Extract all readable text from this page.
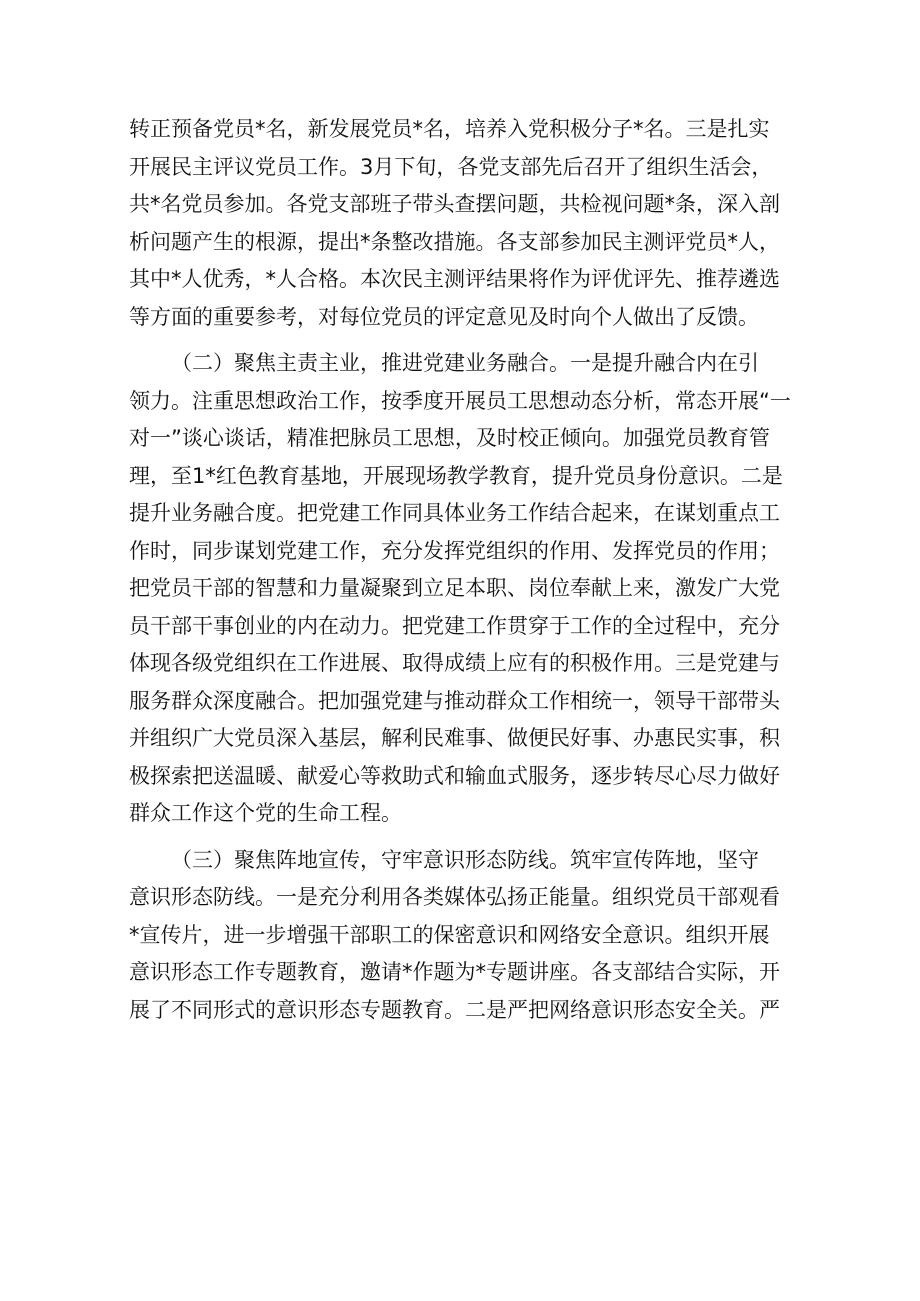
转正预备党员*名，新发展党员*名，培养入党积极分子*名。三是扎实
开展民主评议党员工作。3月下旬，各党支部先后召开了组织生活会，
共*名党员参加。各党支部班子带头查摆问题，共检视问题*条，深入剖
析问题产生的根源，提出*条整改措施。各支部参加民主测评党员*人，
其中*人优秀，*人合格。本次民主测评结果将作为评优评先、推荐遴选
等方面的重要参考，对每位党员的评定意见及时向个人做出了反馈。
（二）聚焦主责主业，推进党建业务融合。一是提升融合内在引
领力。注重思想政治工作，按季度开展员工思想动态分析，常态开展“一
对一”谈心谈话，精准把脉员工思想，及时校正倾向。加强党员教育管
理，至1*红色教育基地，开展现场教学教育，提升党员身份意识。二是
提升业务融合度。把党建工作同具体业务工作结合起来，在谋划重点工
作时，同步谋划党建工作，充分发挥党组织的作用、发挥党员的作用；
把党员干部的智慧和力量凝聚到立足本职、岗位奉献上来，激发广大党
员干部干事创业的内在动力。把党建工作贯穿于工作的全过程中，充分
体现各级党组织在工作进展、取得成绩上应有的积极作用。三是党建与
服务群众深度融合。把加强党建与推动群众工作相统一，领导干部带头
并组织广大党员深入基层，解利民难事、做便民好事、办惠民实事，积
极探索把送温暖、献爱心等救助式和输血式服务，逐步转尽心尽力做好
群众工作这个党的生命工程。
（三）聚焦阵地宣传，守牢意识形态防线。筑牢宣传阵地，坚守
意识形态防线。一是充分利用各类媒体弘扬正能量。组织党员干部观看
*宣传片，进一步增强干部职工的保密意识和网络安全意识。组织开展
意识形态工作专题教育，邀请*作题为*专题讲座。各支部结合实际，开
展了不同形式的意识形态专题教育。二是严把网络意识形态安全关。严
